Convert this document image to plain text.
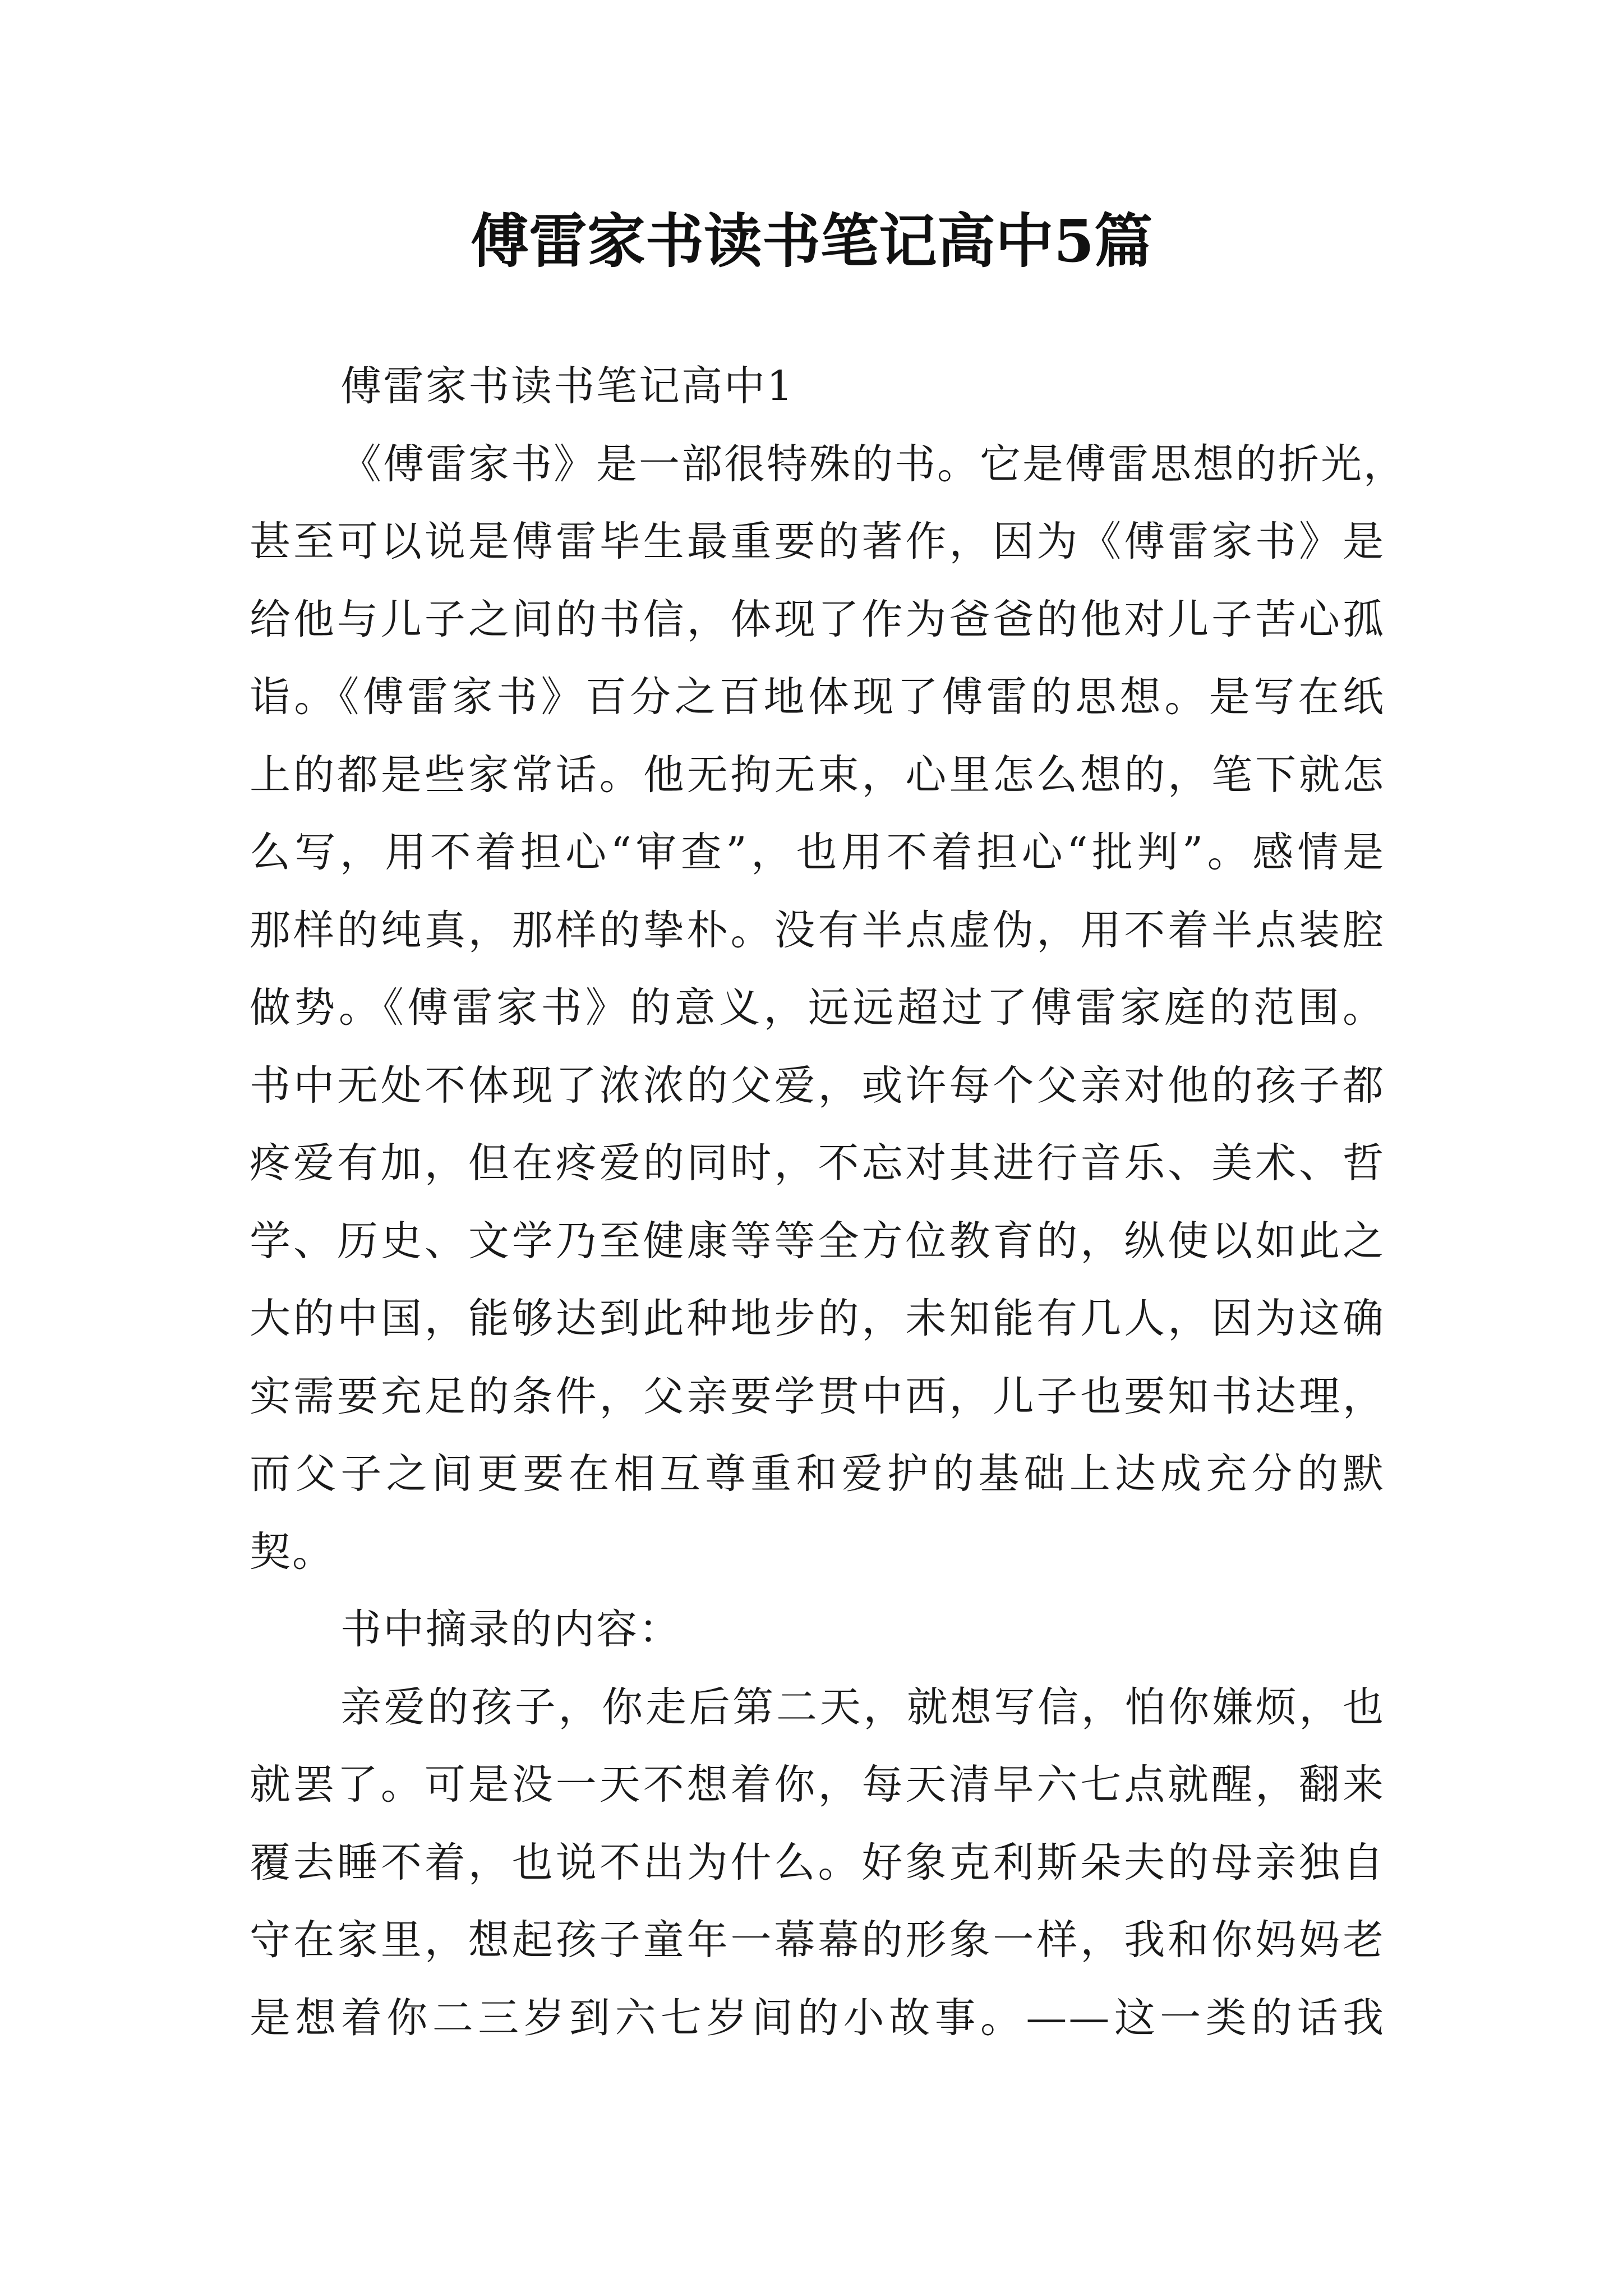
傅雷家书读书笔记高中5篇
傅雷家书读书笔记高中1
《傅雷家书》是一部很特殊的书。它是傅雷思想的折光，
甚至可以说是傅雷毕生最重要的著作，因为《傅雷家书》是
给他与儿子之间的书信，体现了作为爸爸的他对儿子苦心孤
诣。《傅雷家书》百分之百地体现了傅雷的思想。是写在纸
上的都是些家常话。他无拘无束，心里怎么想的，笔下就怎
么写，用不着担心“审查”，也用不着担心“批判”。感情是
那样的纯真，那样的挚朴。没有半点虚伪，用不着半点装腔
做势。《傅雷家书》的意义，远远超过了傅雷家庭的范围。
书中无处不体现了浓浓的父爱，或许每个父亲对他的孩子都
疼爱有加，但在疼爱的同时，不忘对其进行音乐、美术、哲
学、历史、文学乃至健康等等全方位教育的，纵使以如此之
大的中国，能够达到此种地步的，未知能有几人，因为这确
实需要充足的条件，父亲要学贯中西，儿子也要知书达理，
而父子之间更要在相互尊重和爱护的基础上达成充分的默
契。
书中摘录的内容：
亲爱的孩子，你走后第二天，就想写信，怕你嫌烦，也
就罢了。可是没一天不想着你，每天清早六七点就醒，翻来
覆去睡不着，也说不出为什么。好象克利斯朵夫的母亲独自
守在家里，想起孩子童年一幕幕的形象一样，我和你妈妈老
是想着你二三岁到六七岁间的小故事。——这一类的话我
